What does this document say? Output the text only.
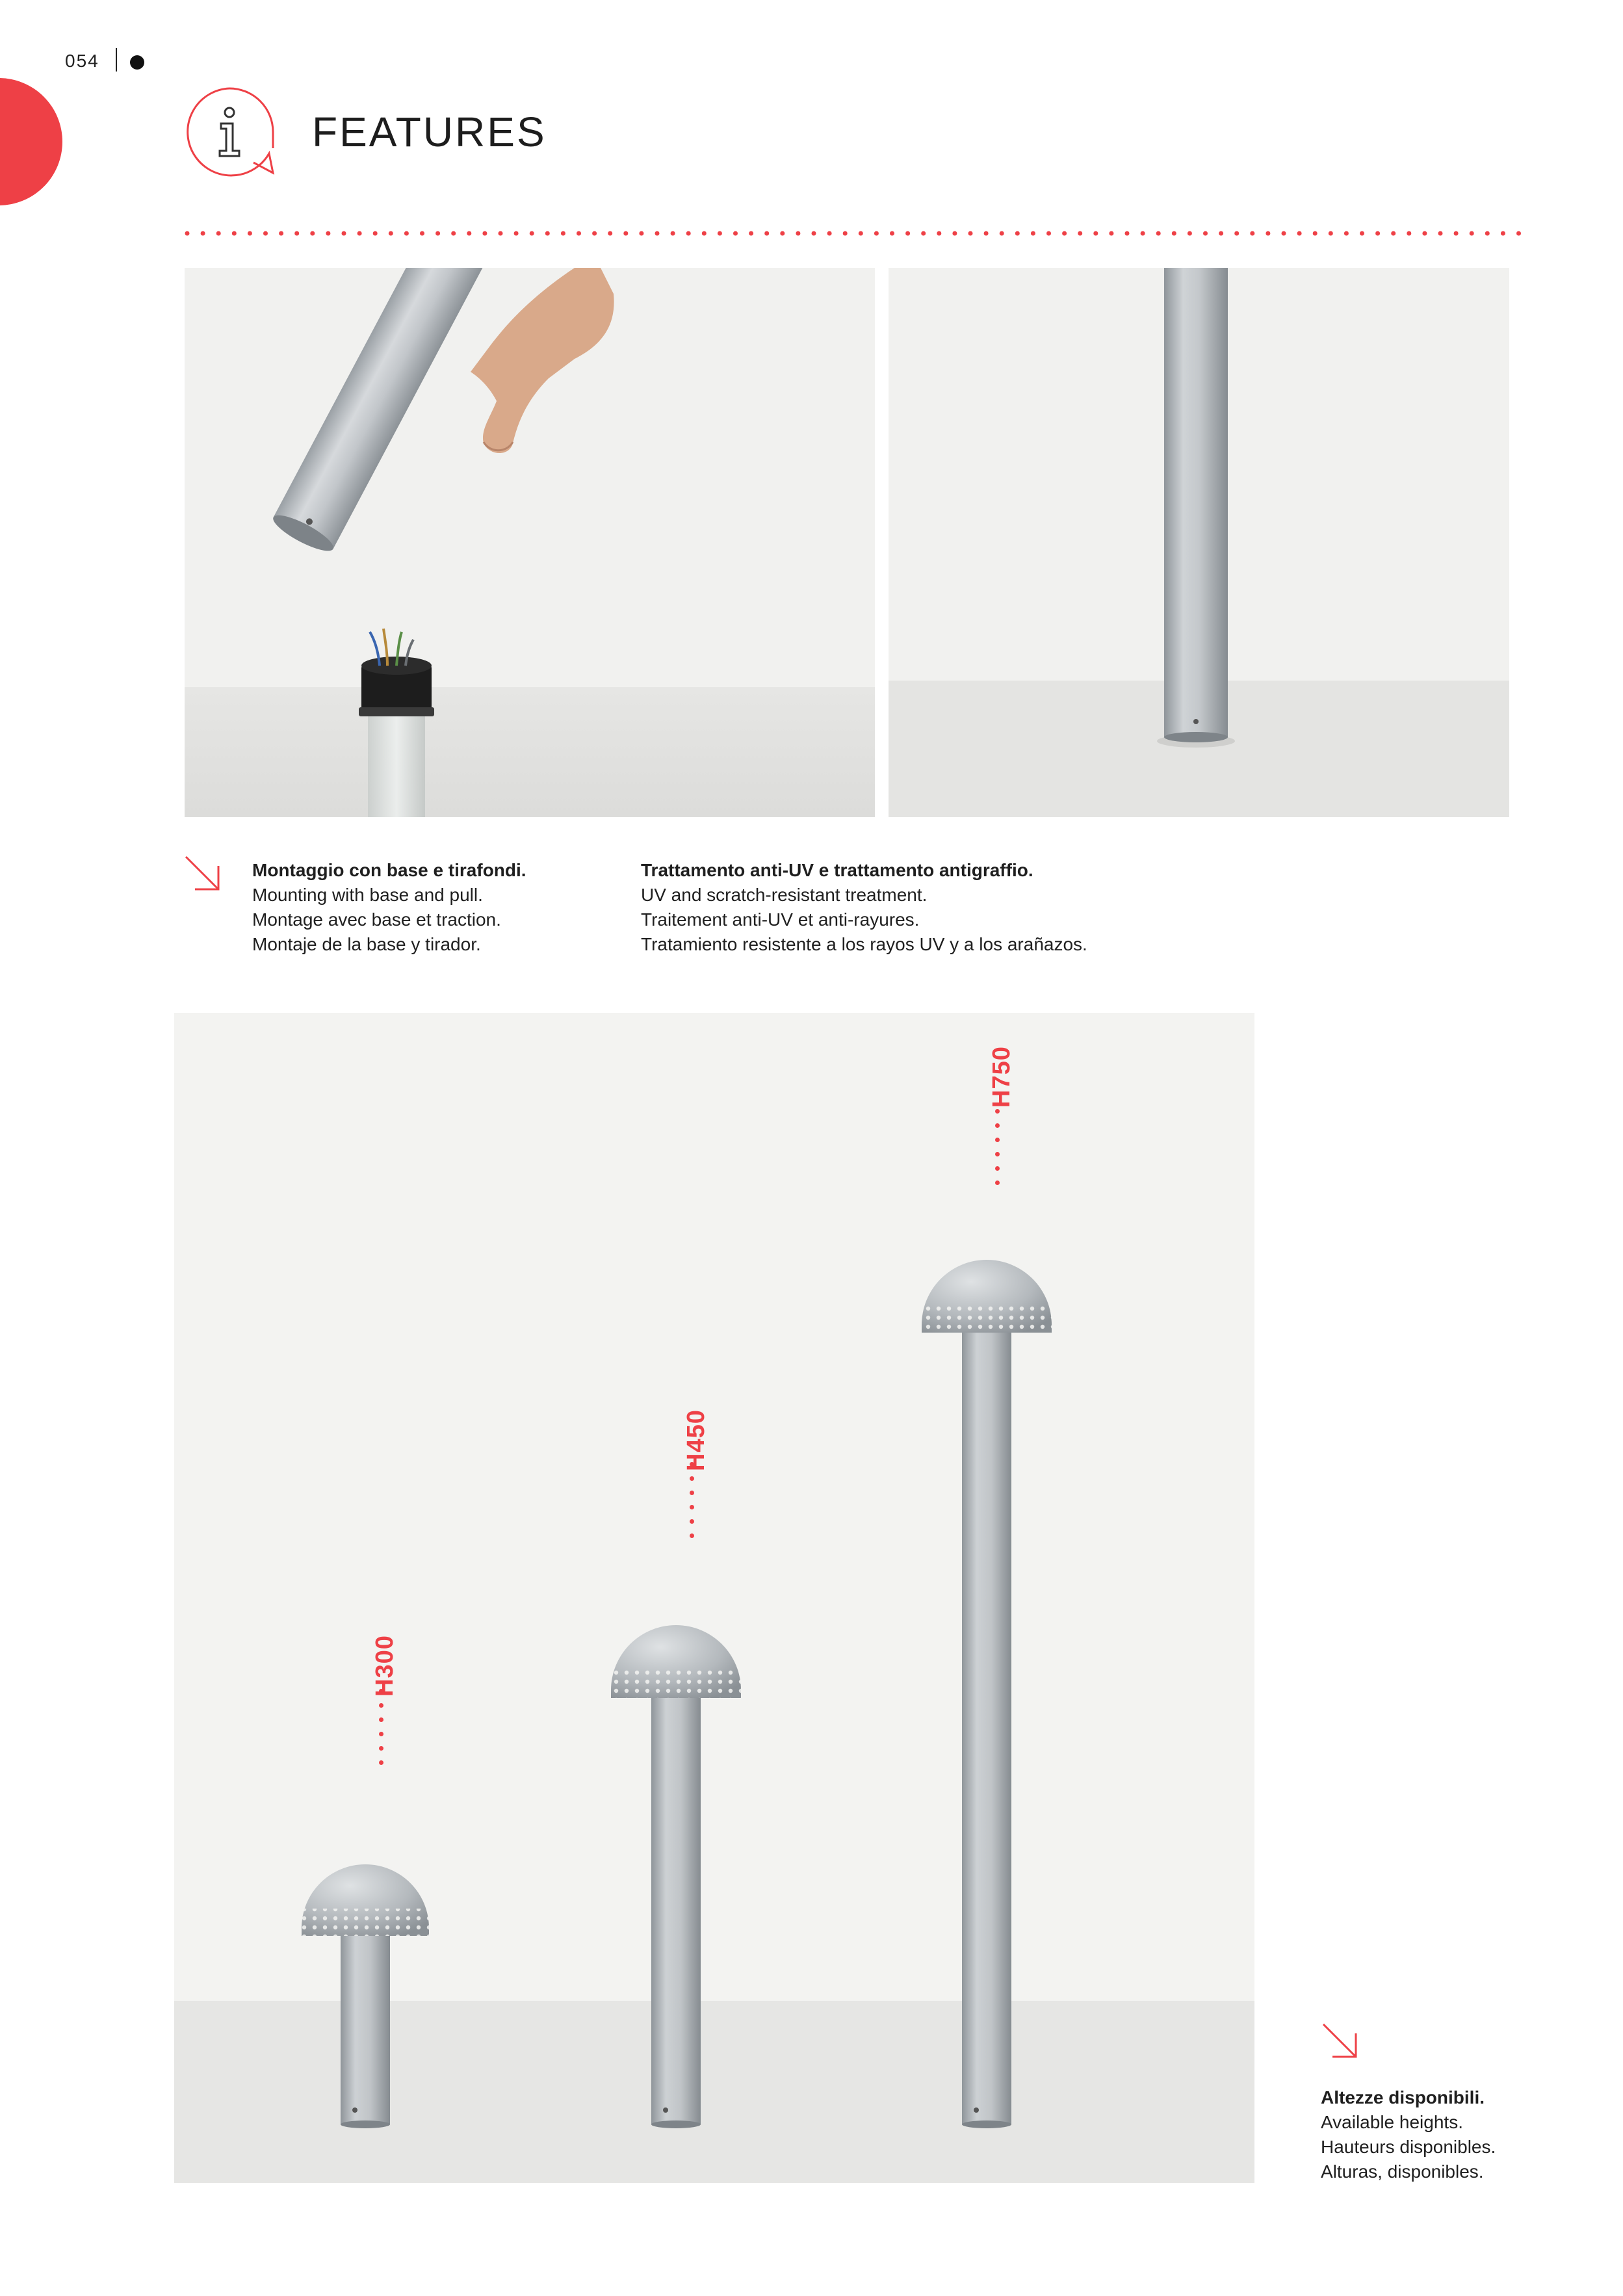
054
FEATURES
Montaggio con base e tirafondi.
Mounting with base and pull.
Montage avec base et traction.
Montaje de la base y tirador.
Trattamento anti-UV e trattamento antigraffio.
UV and scratch-resistant treatment.
Traitement anti-UV et anti-rayures.
Tratamiento resistente a los rayos UV y a los arañazos.
H300
H450
H750
Altezze disponibili.
Available heights.
Hauteurs disponibles.
Alturas, disponibles.
